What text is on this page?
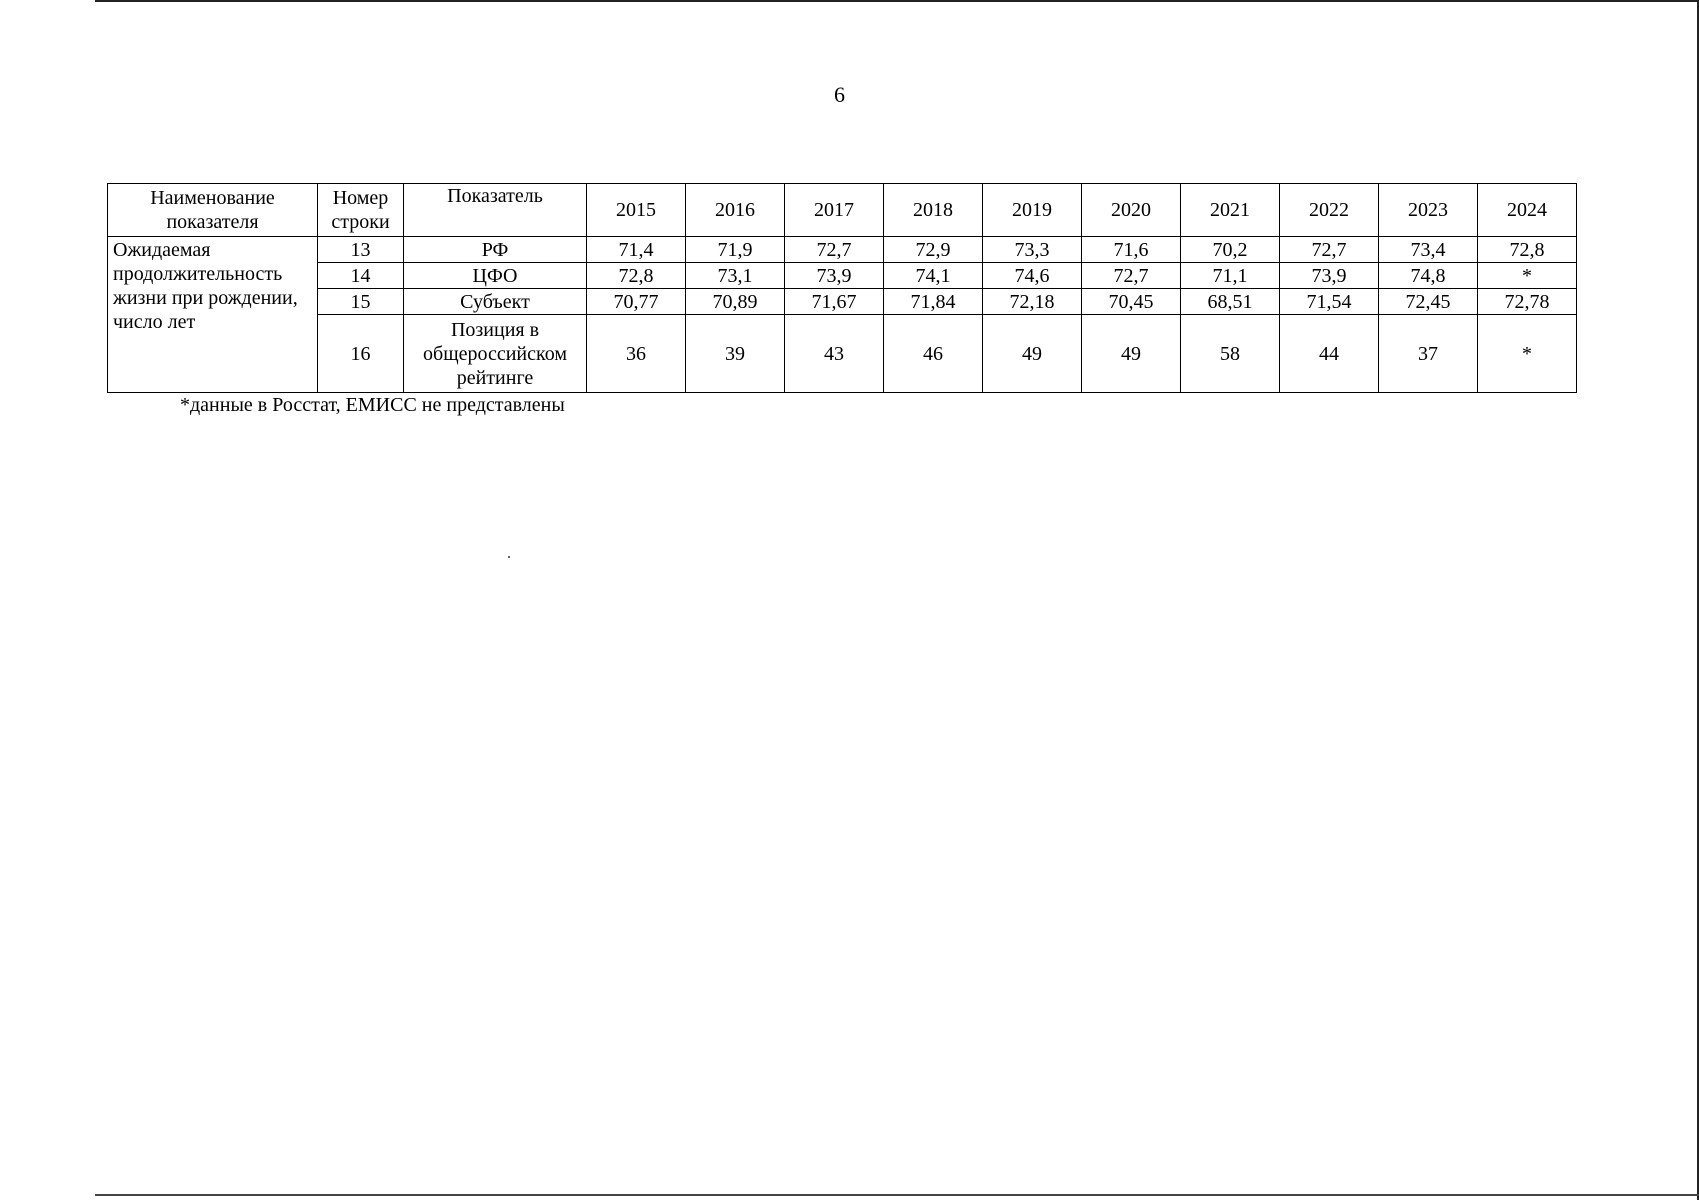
6
Наименование показателя	Номер строки	Показатель	2015	2016	2017	2018	2019	2020	2021	2022	2023	2024
Ожидаемая продолжительность жизни при рождении, число лет	13	РФ	71,4	71,9	72,7	72,9	73,3	71,6	70,2	72,7	73,4	72,8
	14	ЦФО	72,8	73,1	73,9	74,1	74,6	72,7	71,1	73,9	74,8	*
	15	Субъект	70,77	70,89	71,67	71,84	72,18	70,45	68,51	71,54	72,45	72,78
	16	Позиция в общероссийском рейтинге	36	39	43	46	49	49	58	44	37	*
*данные в Росстат, ЕМИСС не представлены
